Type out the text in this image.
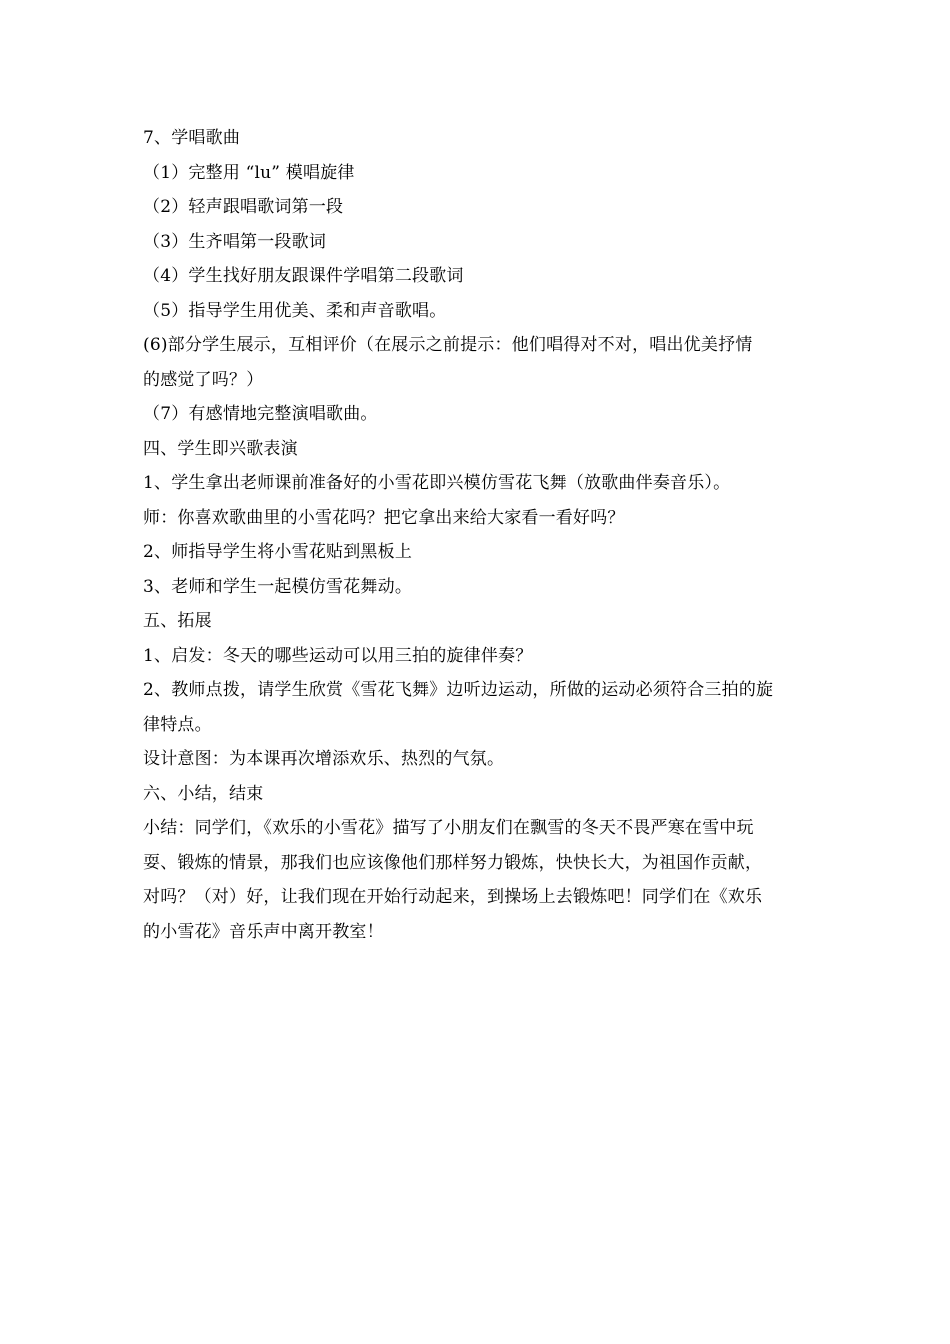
7、学唱歌曲
（1）完整用 “lu” 模唱旋律
（2）轻声跟唱歌词第一段
（3）生齐唱第一段歌词
（4）学生找好朋友跟课件学唱第二段歌词
（5）指导学生用优美、柔和声音歌唱。
(6)部分学生展示，互相评价（在展示之前提示：他们唱得对不对，唱出优美抒情
的感觉了吗？）
（7）有感情地完整演唱歌曲。
四、学生即兴歌表演
1、学生拿出老师课前准备好的小雪花即兴模仿雪花飞舞（放歌曲伴奏音乐）。
师：你喜欢歌曲里的小雪花吗？把它拿出来给大家看一看好吗？
2、师指导学生将小雪花贴到黑板上
3、老师和学生一起模仿雪花舞动。
五、拓展
1、启发：冬天的哪些运动可以用三拍的旋律伴奏？
2、教师点拨，请学生欣赏《雪花飞舞》边听边运动，所做的运动必须符合三拍的旋
律特点。
设计意图：为本课再次增添欢乐、热烈的气氛。
六、小结，结束
小结：同学们，《欢乐的小雪花》描写了小朋友们在飘雪的冬天不畏严寒在雪中玩
耍、锻炼的情景，那我们也应该像他们那样努力锻炼，快快长大，为祖国作贡献，
对吗？（对）好，让我们现在开始行动起来，到操场上去锻炼吧！同学们在《欢乐
的小雪花》音乐声中离开教室！
